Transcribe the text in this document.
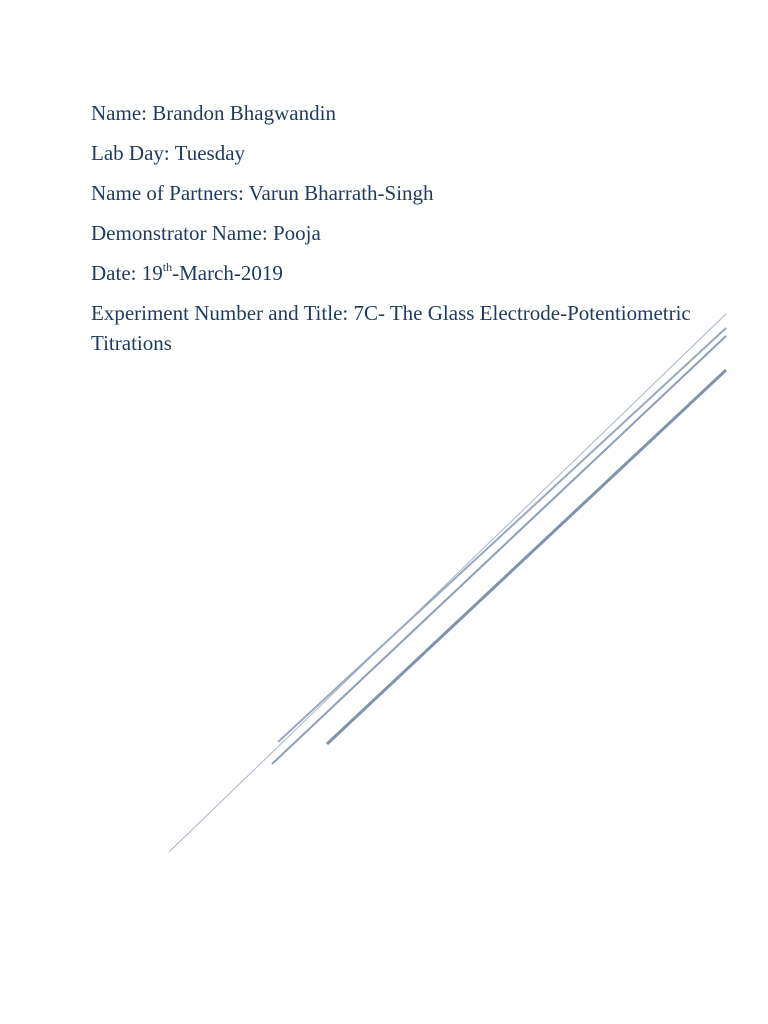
Name: Brandon Bhagwandin
Lab Day: Tuesday
Name of Partners: Varun Bharrath-Singh
Demonstrator Name: Pooja
Date: 19th-March-2019
Experiment Number and Title: 7C- The Glass Electrode-Potentiometric Titrations
